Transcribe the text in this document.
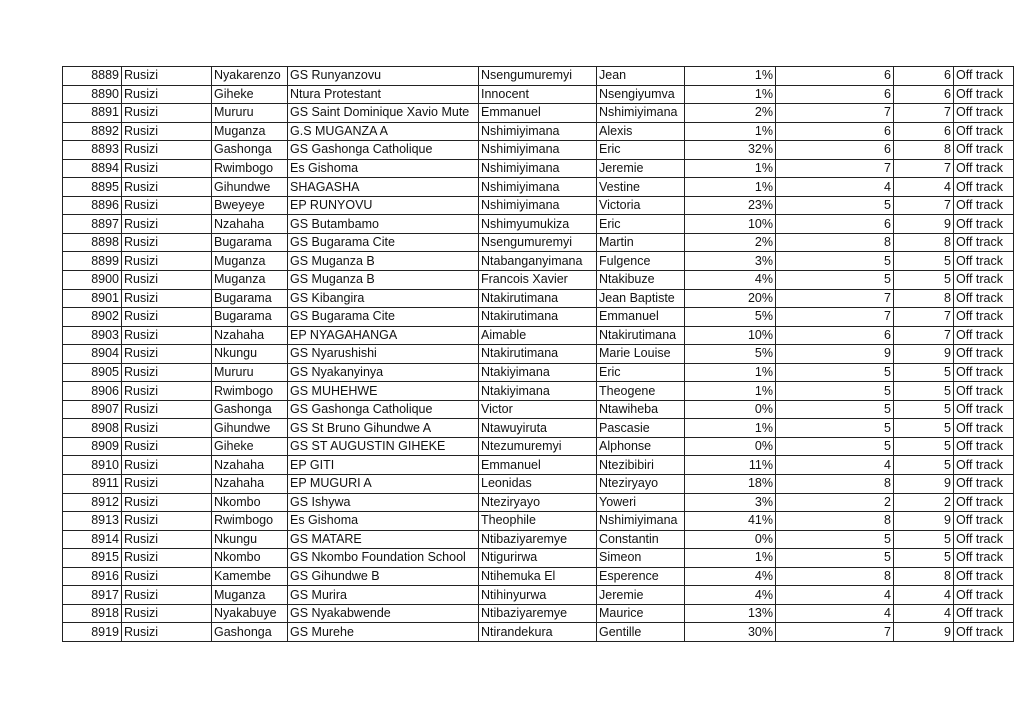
8889	Rusizi	Nyakarenzo	GS Runyanzovu	Nsengumuremyi	Jean	1%	6	6	Off track
8890	Rusizi	Giheke	Ntura Protestant	Innocent	Nsengiyumva	1%	6	6	Off track
8891	Rusizi	Mururu	GS Saint Dominique Xavio Mute	Emmanuel	Nshimiyimana	2%	7	7	Off track
8892	Rusizi	Muganza	G.S MUGANZA A	Nshimiyimana	Alexis	1%	6	6	Off track
8893	Rusizi	Gashonga	GS Gashonga Catholique	Nshimiyimana	Eric	32%	6	8	Off track
8894	Rusizi	Rwimbogo	Es Gishoma	Nshimiyimana	Jeremie	1%	7	7	Off track
8895	Rusizi	Gihundwe	SHAGASHA	Nshimiyimana	Vestine	1%	4	4	Off track
8896	Rusizi	Bweyeye	EP RUNYOVU	Nshimiyimana	Victoria	23%	5	7	Off track
8897	Rusizi	Nzahaha	GS Butambamo	Nshimyumukiza	Eric	10%	6	9	Off track
8898	Rusizi	Bugarama	GS Bugarama Cite	Nsengumuremyi	Martin	2%	8	8	Off track
8899	Rusizi	Muganza	GS Muganza B	Ntabanganyimana	Fulgence	3%	5	5	Off track
8900	Rusizi	Muganza	GS Muganza B	Francois Xavier	Ntakibuze	4%	5	5	Off track
8901	Rusizi	Bugarama	GS Kibangira	Ntakirutimana	Jean Baptiste	20%	7	8	Off track
8902	Rusizi	Bugarama	GS Bugarama Cite	Ntakirutimana	Emmanuel	5%	7	7	Off track
8903	Rusizi	Nzahaha	EP NYAGAHANGA	Aimable	Ntakirutimana	10%	6	7	Off track
8904	Rusizi	Nkungu	GS Nyarushishi	Ntakirutimana	Marie Louise	5%	9	9	Off track
8905	Rusizi	Mururu	GS Nyakanyinya	Ntakiyimana	Eric	1%	5	5	Off track
8906	Rusizi	Rwimbogo	GS MUHEHWE	Ntakiyimana	Theogene	1%	5	5	Off track
8907	Rusizi	Gashonga	GS Gashonga Catholique	Victor	Ntawiheba	0%	5	5	Off track
8908	Rusizi	Gihundwe	GS St Bruno Gihundwe A	Ntawuyiruta	Pascasie	1%	5	5	Off track
8909	Rusizi	Giheke	GS ST AUGUSTIN GIHEKE	Ntezumuremyi	Alphonse	0%	5	5	Off track
8910	Rusizi	Nzahaha	EP GITI	Emmanuel	Ntezibibiri	11%	4	5	Off track
8911	Rusizi	Nzahaha	EP MUGURI A	Leonidas	Nteziryayo	18%	8	9	Off track
8912	Rusizi	Nkombo	GS Ishywa	Nteziryayo	Yoweri	3%	2	2	Off track
8913	Rusizi	Rwimbogo	Es Gishoma	Theophile	Nshimiyimana	41%	8	9	Off track
8914	Rusizi	Nkungu	GS MATARE	Ntibaziyaremye	Constantin	0%	5	5	Off track
8915	Rusizi	Nkombo	GS Nkombo Foundation School	Ntigurirwa	Simeon	1%	5	5	Off track
8916	Rusizi	Kamembe	GS Gihundwe B	Ntihemuka El	Esperence	4%	8	8	Off track
8917	Rusizi	Muganza	GS Murira	Ntihinyurwa	Jeremie	4%	4	4	Off track
8918	Rusizi	Nyakabuye	GS Nyakabwende	Ntibaziyaremye	Maurice	13%	4	4	Off track
8919	Rusizi	Gashonga	GS Murehe	Ntirandekura	Gentille	30%	7	9	Off track
